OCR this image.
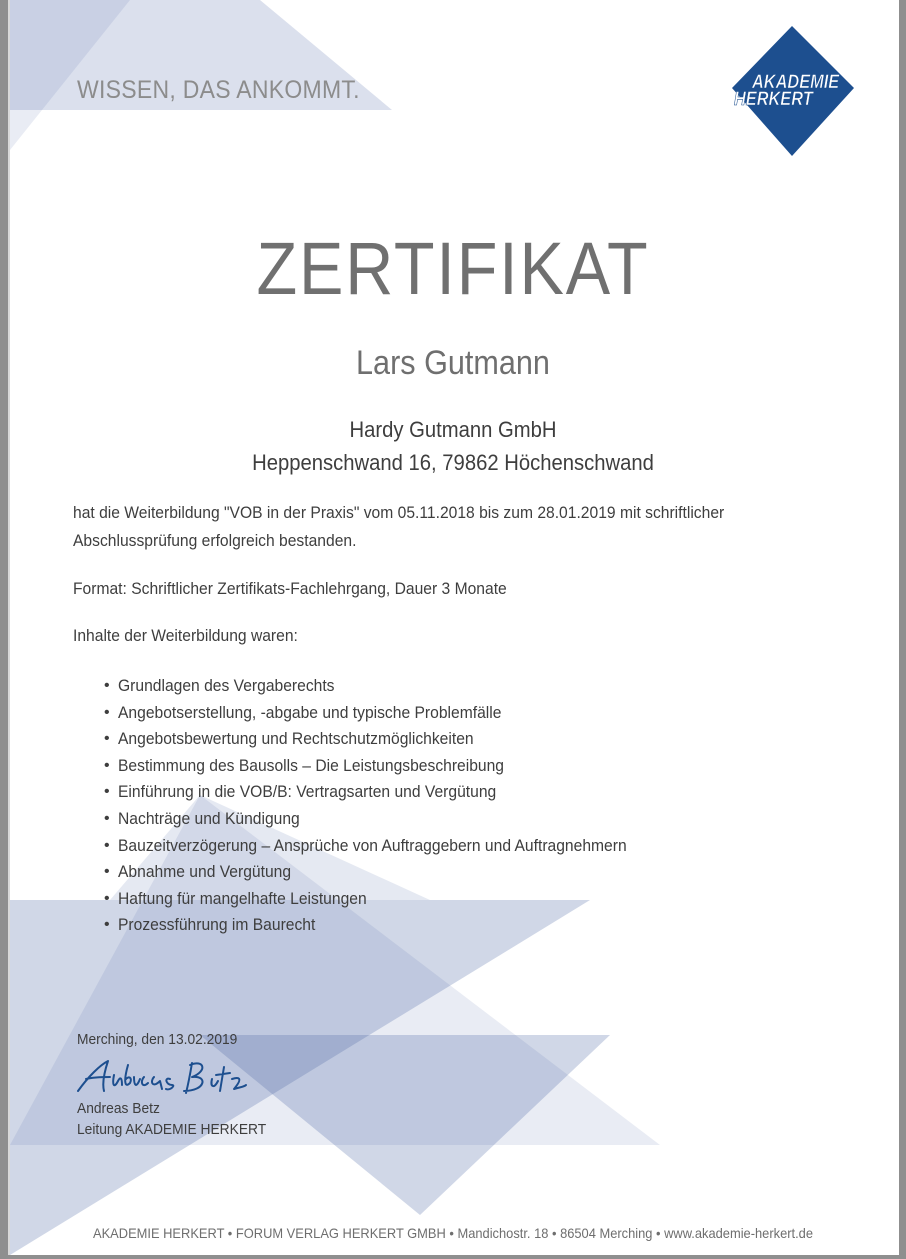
WISSEN, DAS ANKOMMT.	AKADEMIE
HERKERT
ZERTIFIKAT
Lars Gutmann
Hardy Gutmann GmbH
Heppenschwand 16, 79862 Höchenschwand
hat die Weiterbildung "VOB in der Praxis" vom 05.11.2018 bis zum 28.01.2019 mit schriftlicher
Abschlussprüfung erfolgreich bestanden.
Format: Schriftlicher Zertifikats-Fachlehrgang, Dauer 3 Monate
Inhalte der Weiterbildung waren:
• Grundlagen des Vergaberechts
• Angebotserstellung, -abgabe und typische Problemfälle
• Angebotsbewertung und Rechtschutzmöglichkeiten
• Bestimmung des Bausolls – Die Leistungsbeschreibung
• Einführung in die VOB/B: Vertragsarten und Vergütung
• Nachträge und Kündigung
• Bauzeitverzögerung – Ansprüche von Auftraggebern und Auftragnehmern
• Abnahme und Vergütung
• Haftung für mangelhafte Leistungen
• Prozessführung im Baurecht
Merching, den 13.02.2019
Andreas Betz
Leitung AKADEMIE HERKERT
AKADEMIE HERKERT • FORUM VERLAG HERKERT GMBH • Mandichostr. 18 • 86504 Merching • www.akademie-herkert.de
